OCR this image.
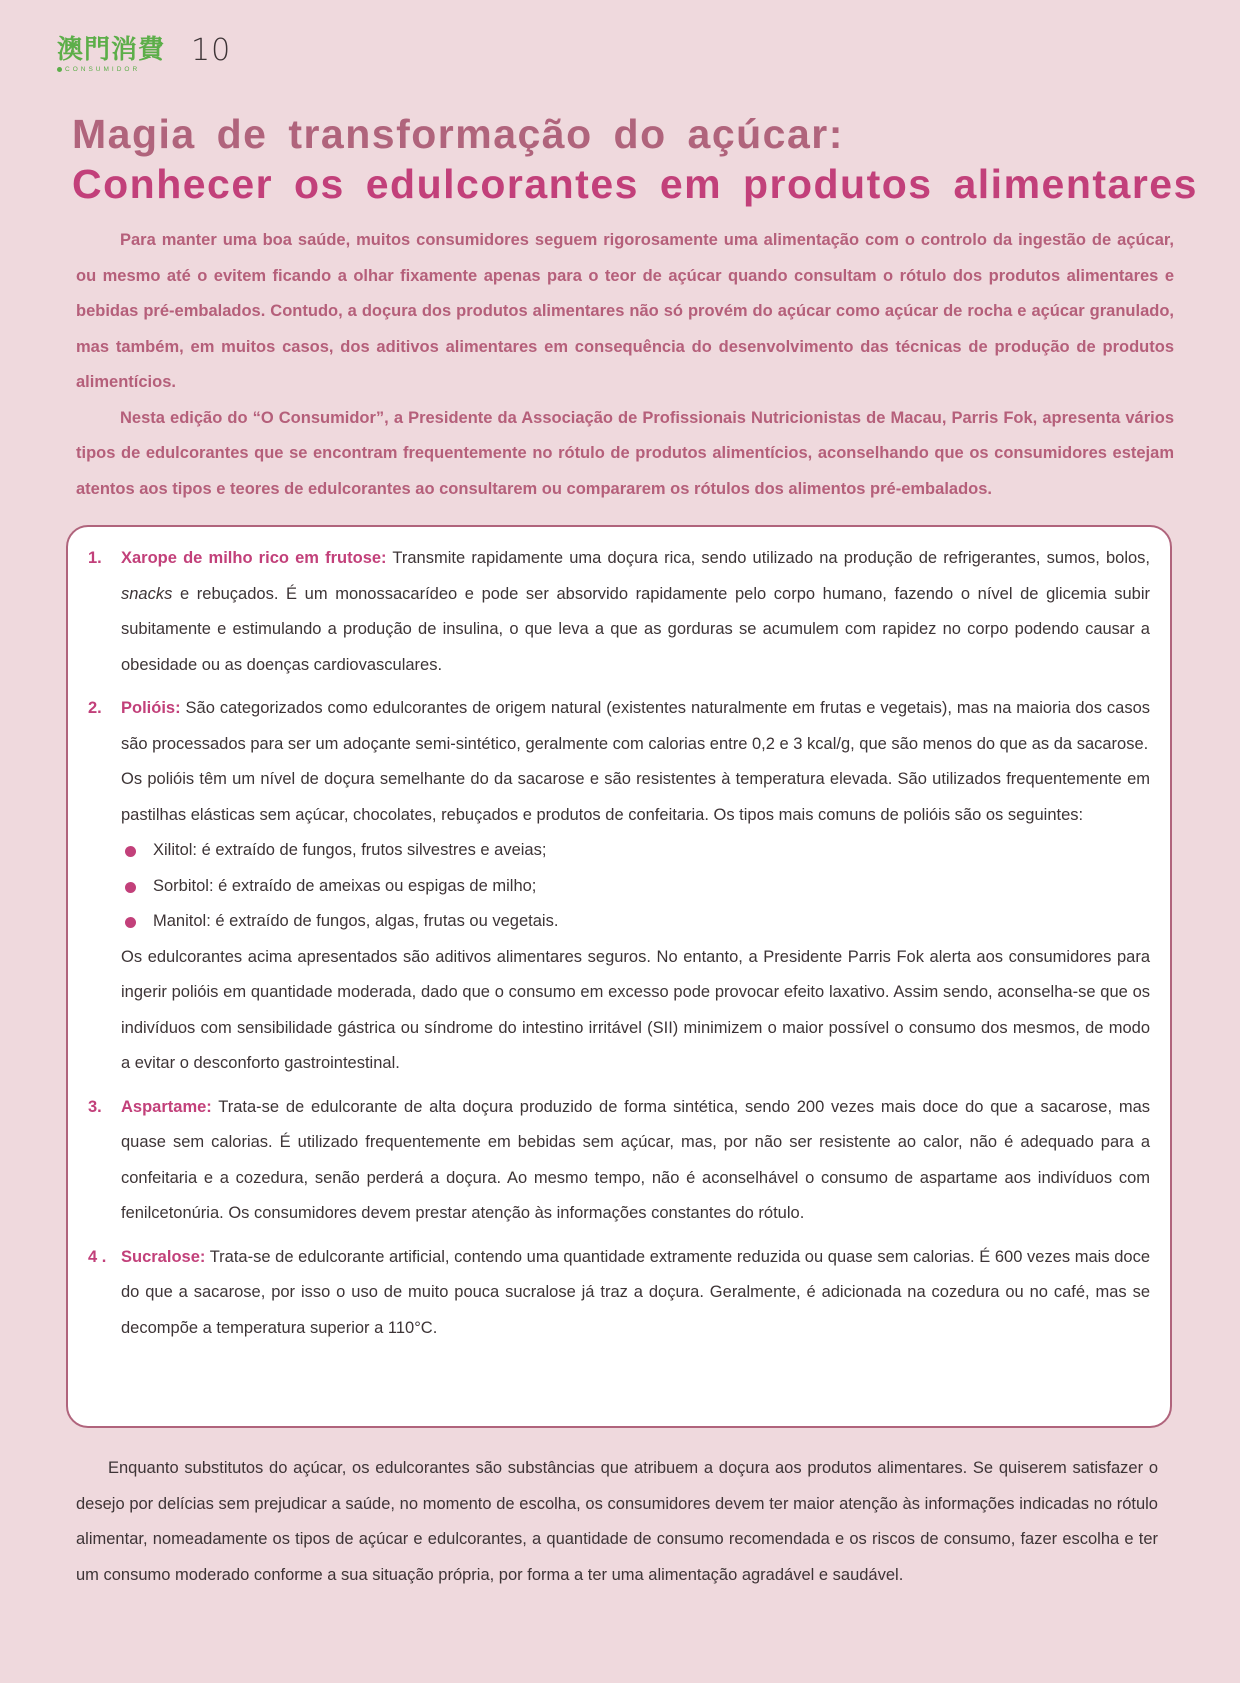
澳門消費
CONSUMIDOR
10
Magia de transformação do açúcar:
Conhecer os edulcorantes em produtos alimentares

Para manter uma boa saúde, muitos consumidores seguem rigorosamente uma alimentação com o controlo da ingestão de açúcar, ou mesmo até o evitem ficando a olhar fixamente apenas para o teor de açúcar quando consultam o rótulo dos produtos alimentares e bebidas pré-embalados. Contudo, a doçura dos produtos alimentares não só provém do açúcar como açúcar de rocha e açúcar granulado, mas também, em muitos casos, dos aditivos alimentares em consequência do desenvolvimento das técnicas de produção de produtos alimentícios.

Nesta edição do “O Consumidor”, a Presidente da Associação de Profissionais Nutricionistas de Macau, Parris Fok, apresenta vários tipos de edulcorantes que se encontram frequentemente no rótulo de produtos alimentícios, aconselhando que os consumidores estejam atentos aos tipos e teores de edulcorantes ao consultarem ou compararem os rótulos dos alimentos pré-embalados.

1. Xarope de milho rico em frutose: Transmite rapidamente uma doçura rica, sendo utilizado na produção de refrigerantes, sumos, bolos, snacks e rebuçados. É um monossacarídeo e pode ser absorvido rapidamente pelo corpo humano, fazendo o nível de glicemia subir subitamente e estimulando a produção de insulina, o que leva a que as gorduras se acumulem com rapidez no corpo podendo causar a obesidade ou as doenças cardiovasculares.

2. Polióis: São categorizados como edulcorantes de origem natural (existentes naturalmente em frutas e vegetais), mas na maioria dos casos são processados para ser um adoçante semi-sintético, geralmente com calorias entre 0,2 e 3 kcal/g, que são menos do que as da sacarose.

Os polióis têm um nível de doçura semelhante do da sacarose e são resistentes à temperatura elevada. São utilizados frequentemente em pastilhas elásticas sem açúcar, chocolates, rebuçados e produtos de confeitaria. Os tipos mais comuns de polióis são os seguintes:

Xilitol: é extraído de fungos, frutos silvestres e aveias;
Sorbitol: é extraído de ameixas ou espigas de milho;
Manitol: é extraído de fungos, algas, frutas ou vegetais.

Os edulcorantes acima apresentados são aditivos alimentares seguros. No entanto, a Presidente Parris Fok alerta aos consumidores para ingerir polióis em quantidade moderada, dado que o consumo em excesso pode provocar efeito laxativo. Assim sendo, aconselha-se que os indivíduos com sensibilidade gástrica ou síndrome do intestino irritável (SII) minimizem o maior possível o consumo dos mesmos, de modo a evitar o desconforto gastrointestinal.

3. Aspartame: Trata-se de edulcorante de alta doçura produzido de forma sintética, sendo 200 vezes mais doce do que a sacarose, mas quase sem calorias. É utilizado frequentemente em bebidas sem açúcar, mas, por não ser resistente ao calor, não é adequado para a confeitaria e a cozedura, senão perderá a doçura. Ao mesmo tempo, não é aconselhável o consumo de aspartame aos indivíduos com fenilcetonúria. Os consumidores devem prestar atenção às informações constantes do rótulo.

4 . Sucralose: Trata-se de edulcorante artificial, contendo uma quantidade extramente reduzida ou quase sem calorias. É 600 vezes mais doce do que a sacarose, por isso o uso de muito pouca sucralose já traz a doçura. Geralmente, é adicionada na cozedura ou no café, mas se decompõe a temperatura superior a 110°C.

Enquanto substitutos do açúcar, os edulcorantes são substâncias que atribuem a doçura aos produtos alimentares. Se quiserem satisfazer o desejo por delícias sem prejudicar a saúde, no momento de escolha, os consumidores devem ter maior atenção às informações indicadas no rótulo alimentar, nomeadamente os tipos de açúcar e edulcorantes, a quantidade de consumo recomendada e os riscos de consumo, fazer escolha e ter um consumo moderado conforme a sua situação própria, por forma a ter uma alimentação agradável e saudável.
